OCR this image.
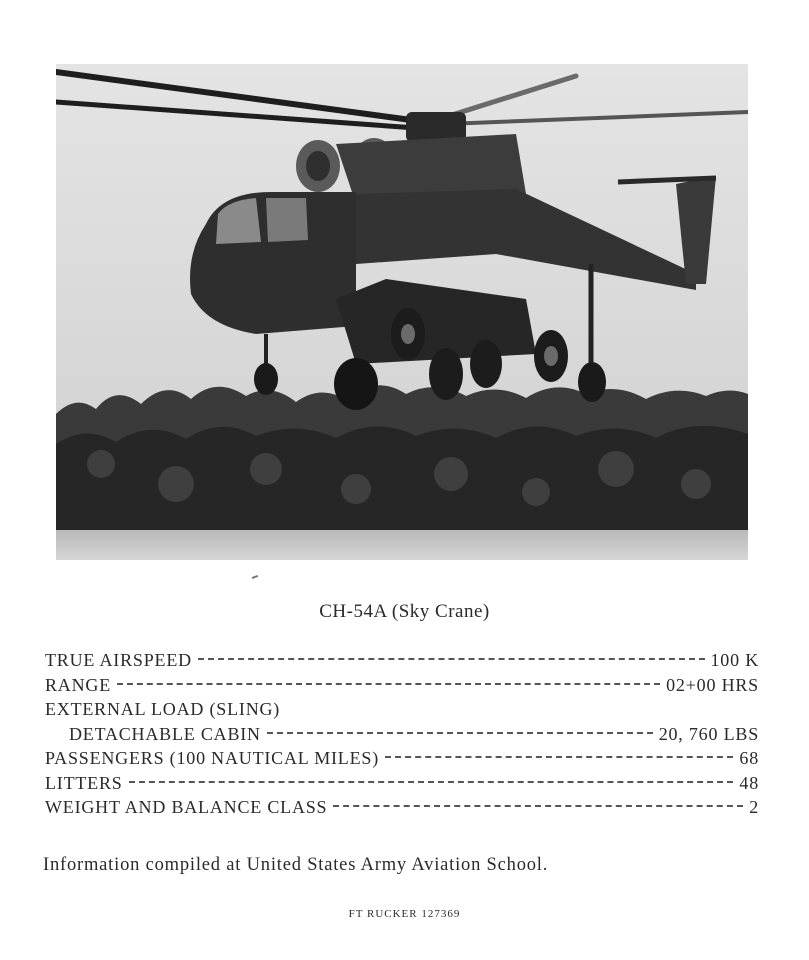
CH-54A (Sky Crane)
TRUE AIRSPEED	100 K
RANGE	02+00 HRS
EXTERNAL LOAD (SLING)
DETACHABLE CABIN	20, 760 LBS
PASSENGERS (100 NAUTICAL MILES)	68
LITTERS	48
WEIGHT AND BALANCE CLASS	2
Information compiled at United States Army Aviation School.
FT RUCKER 127369
